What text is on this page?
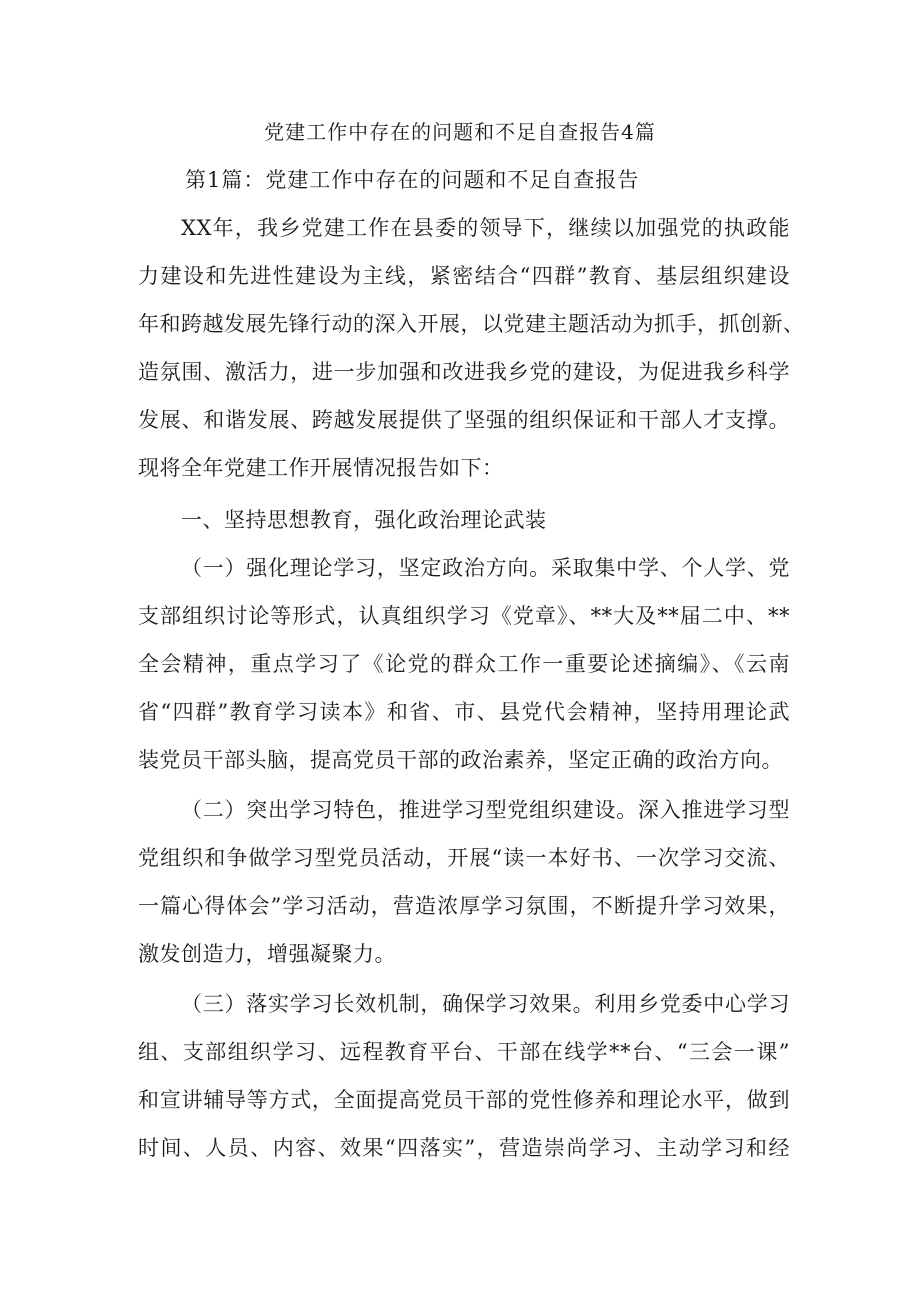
党建工作中存在的问题和不足自查报告4篇
第1篇：党建工作中存在的问题和不足自查报告
XX年，我乡党建工作在县委的领导下，继续以加强党的执政能
力建设和先进性建设为主线，紧密结合“四群”教育、基层组织建设
年和跨越发展先锋行动的深入开展，以党建主题活动为抓手，抓创新、
造氛围、激活力，进一步加强和改进我乡党的建设，为促进我乡科学
发展、和谐发展、跨越发展提供了坚强的组织保证和干部人才支撑。
现将全年党建工作开展情况报告如下：
一、坚持思想教育，强化政治理论武装
（一）强化理论学习，坚定政治方向。采取集中学、个人学、党
支部组织讨论等形式，认真组织学习《党章》、**大及**届二中、**
全会精神，重点学习了《论党的群众工作一重要论述摘编》、《云南
省“四群”教育学习读本》和省、市、县党代会精神，坚持用理论武
装党员干部头脑，提高党员干部的政治素养，坚定正确的政治方向。
（二）突出学习特色，推进学习型党组织建设。深入推进学习型
党组织和争做学习型党员活动，开展“读一本好书、一次学习交流、
一篇心得体会”学习活动，营造浓厚学习氛围，不断提升学习效果，
激发创造力，增强凝聚力。
（三）落实学习长效机制，确保学习效果。利用乡党委中心学习
组、支部组织学习、远程教育平台、干部在线学**台、“三会一课”
和宣讲辅导等方式，全面提高党员干部的党性修养和理论水平，做到
时间、人员、内容、效果“四落实”，营造崇尚学习、主动学习和经
